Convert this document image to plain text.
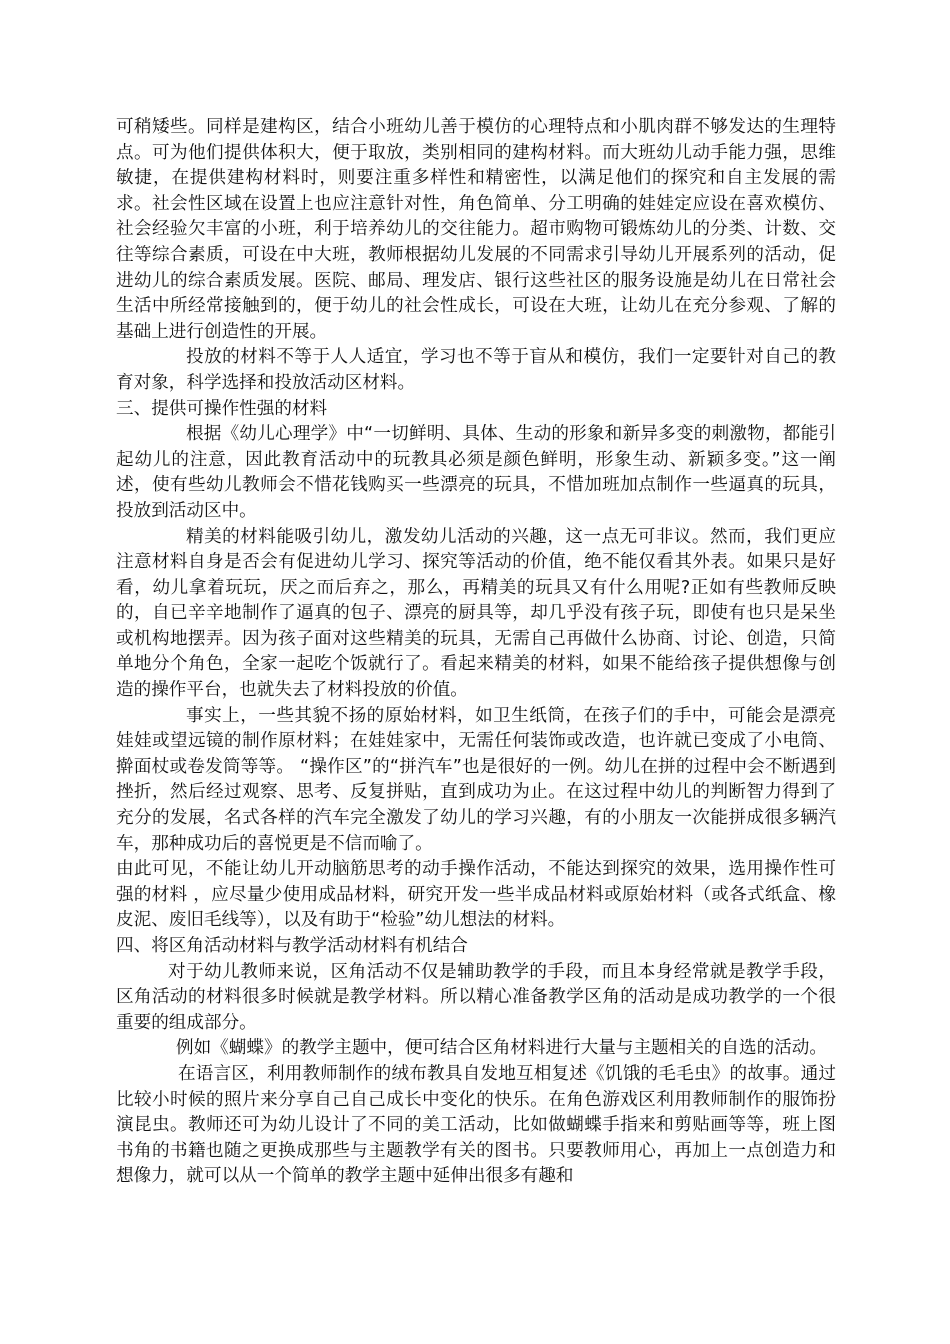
可稍矮些。同样是建构区，结合小班幼儿善于模仿的心理特点和小肌肉群不够发达的生理特点。可为他们提供体积大，便于取放，类别相同的建构材料。而大班幼儿动手能力强，思维敏捷，在提供建构材料时，则要注重多样性和精密性，以满足他们的探究和自主发展的需求。社会性区域在设置上也应注意针对性，角色简单、分工明确的娃娃定应设在喜欢模仿、社会经验欠丰富的小班，利于培养幼儿的交往能力。超市购物可锻炼幼儿的分类、计数、交往等综合素质，可设在中大班，教师根据幼儿发展的不同需求引导幼儿开展系列的活动，促进幼儿的综合素质发展。医院、邮局、理发店、银行这些社区的服务设施是幼儿在日常社会生活中所经常接触到的，便于幼儿的社会性成长，可设在大班，让幼儿在充分参观、了解的基础上进行创造性的开展。

投放的材料不等于人人适宜，学习也不等于盲从和模仿，我们一定要针对自己的教育对象，科学选择和投放活动区材料。

三、提供可操作性强的材料

根据《幼儿心理学》中“一切鲜明、具体、生动的形象和新异多变的刺激物，都能引起幼儿的注意，因此教育活动中的玩教具必须是颜色鲜明，形象生动、新颖多变。”这一阐述，使有些幼儿教师会不惜花钱购买一些漂亮的玩具，不惜加班加点制作一些逼真的玩具，投放到活动区中。

精美的材料能吸引幼儿，激发幼儿活动的兴趣，这一点无可非议。然而，我们更应注意材料自身是否会有促进幼儿学习、探究等活动的价值，绝不能仅看其外表。如果只是好看，幼儿拿着玩玩，厌之而后弃之，那么，再精美的玩具又有什么用呢?正如有些教师反映的，自已辛辛地制作了逼真的包子、漂亮的厨具等，却几乎没有孩子玩，即使有也只是呆坐或机构地摆弄。因为孩子面对这些精美的玩具，无需自己再做什么协商、讨论、创造，只简单地分个角色，全家一起吃个饭就行了。看起来精美的材料，如果不能给孩子提供想像与创造的操作平台，也就失去了材料投放的价值。

事实上，一些其貌不扬的原始材料，如卫生纸筒，在孩子们的手中，可能会是漂亮娃娃或望远镜的制作原材料；在娃娃家中，无需任何装饰或改造，也许就已变成了小电筒、擀面杖或卷发筒等等。 “操作区”的“拼汽车”也是很好的一例。幼儿在拼的过程中会不断遇到挫折，然后经过观察、思考、反复拼贴，直到成功为止。在这过程中幼儿的判断智力得到了充分的发展，名式各样的汽车完全激发了幼儿的学习兴趣，有的小朋友一次能拼成很多辆汽车，那种成功后的喜悦更是不信而喻了。

由此可见，不能让幼儿开动脑筋思考的动手操作活动，不能达到探究的效果，选用操作性可强的材料 ，应尽量少使用成品材料，研究开发一些半成品材料或原始材料（或各式纸盒、橡皮泥、废旧毛线等），以及有助于“检验”幼儿想法的材料。

四、将区角活动材料与教学活动材料有机结合

对于幼儿教师来说，区角活动不仅是辅助教学的手段，而且本身经常就是教学手段，区角活动的材料很多时候就是教学材料。所以精心准备教学区角的活动是成功教学的一个很重要的组成部分。

例如《蝴蝶》的教学主题中，便可结合区角材料进行大量与主题相关的自选的活动。

在语言区，利用教师制作的绒布教具自发地互相复述《饥饿的毛毛虫》的故事。通过比较小时候的照片来分享自己自己成长中变化的快乐。在角色游戏区利用教师制作的服饰扮演昆虫。教师还可为幼儿设计了不同的美工活动，比如做蝴蝶手指来和剪贴画等等，班上图书角的书籍也随之更换成那些与主题教学有关的图书。只要教师用心，再加上一点创造力和想像力，就可以从一个简单的教学主题中延伸出很多有趣和
